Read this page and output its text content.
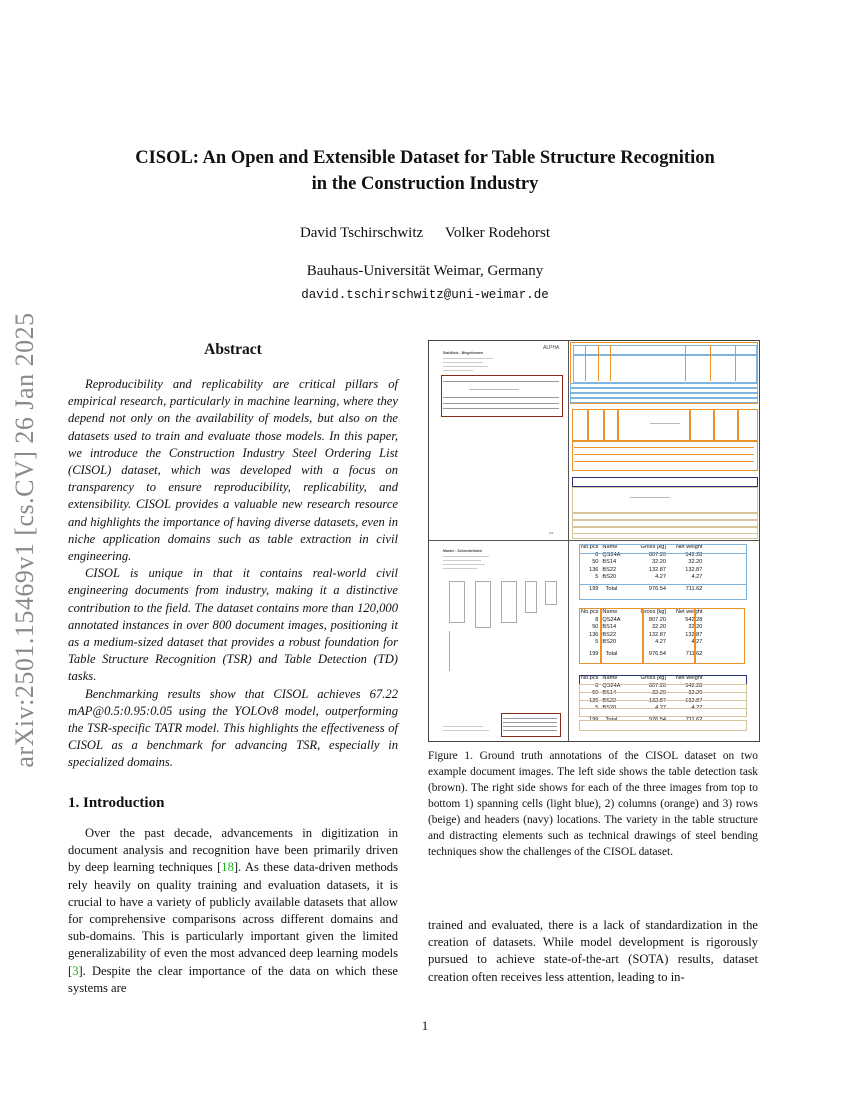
arXiv:2501.15469v1 [cs.CV] 26 Jan 2025
CISOL: An Open and Extensible Dataset for Table Structure Recognition
in the Construction Industry
David Tschirschwitz Volker Rodehorst
Bauhaus-Universität Weimar, Germany
david.tschirschwitz@uni-weimar.de
Abstract

Reproducibility and replicability are critical pillars of empirical research, particularly in machine learning, where they depend not only on the availability of models, but also on the datasets used to train and evaluate those models. In this paper, we introduce the Construction Industry Steel Ordering List (CISOL) dataset, which was developed with a focus on transparency to ensure reproducibility, replicability, and extensibility. CISOL provides a valuable new research resource and highlights the importance of having diverse datasets, even in niche application domains such as table extraction in civil engineering.

CISOL is unique in that it contains real-world civil engineering documents from industry, making it a distinctive contribution to the field. The dataset contains more than 120,000 annotated instances in over 800 document images, positioning it as a medium-sized dataset that provides a robust foundation for Table Structure Recognition (TSR) and Table Detection (TD) tasks.

Benchmarking results show that CISOL achieves 67.22 mAP@0.5:0.95:0.05 using the YOLOv8 model, outperforming the TSR-specific TATR model. This highlights the effectiveness of CISOL as a benchmark for advancing TSR, especially in specialized domains.

1. Introduction

Over the past decade, advancements in digitization in document analysis and recognition have been primarily driven by deep learning techniques [18]. As these data-driven methods rely heavily on quality training and evaluation datasets, it is crucial to have a variety of publicly available datasets that allow for comprehensive comparisons across different domains and sub-domains. This is particularly important given the limited generalizability of even the most advanced deep learning models [3]. Despite the clear importance of the data on which these systems are

ALPHA
Stahlliste - Biegeformen
1/2
Master - Schneidelisten
No.pcs	Name	Gross [kg]	Net weight
8	QS24A	807.20	542.28
50	BS14	32.20	32.20
136	BS22	132.87	132.87
5	BS20	4.27	4.27
199	Total	976.54	711.62
No.pcs	Name	Gross [kg]	Net weight
8	QS24A	807.20	542.28
50	BS14	32.20	32.20
136	BS22	132.87	132.87
5	BS20	4.27	4.27
199	Total	976.54	711.62
No.pcs	Name	Gross [kg]	Net weight
8	QS24A	807.20	542.28
50	BS14	32.20	32.20
136	BS22	132.87	132.87
5	BS20	4.27	4.27
199	Total	976.54	711.62
Figure 1. Ground truth annotations of the CISOL dataset on two example document images. The left side shows the table detection task (brown). The right side shows for each of the three images from top to bottom 1) spanning cells (light blue), 2) columns (orange) and 3) rows (beige) and headers (navy) locations. The variety in the table structure and distracting elements such as technical drawings of steel bending techniques show the challenges of the CISOL dataset.
trained and evaluated, there is a lack of standardization in the creation of datasets. While model development is rigorously pursued to achieve state-of-the-art (SOTA) results, dataset creation often receives less attention, leading to in-
1
